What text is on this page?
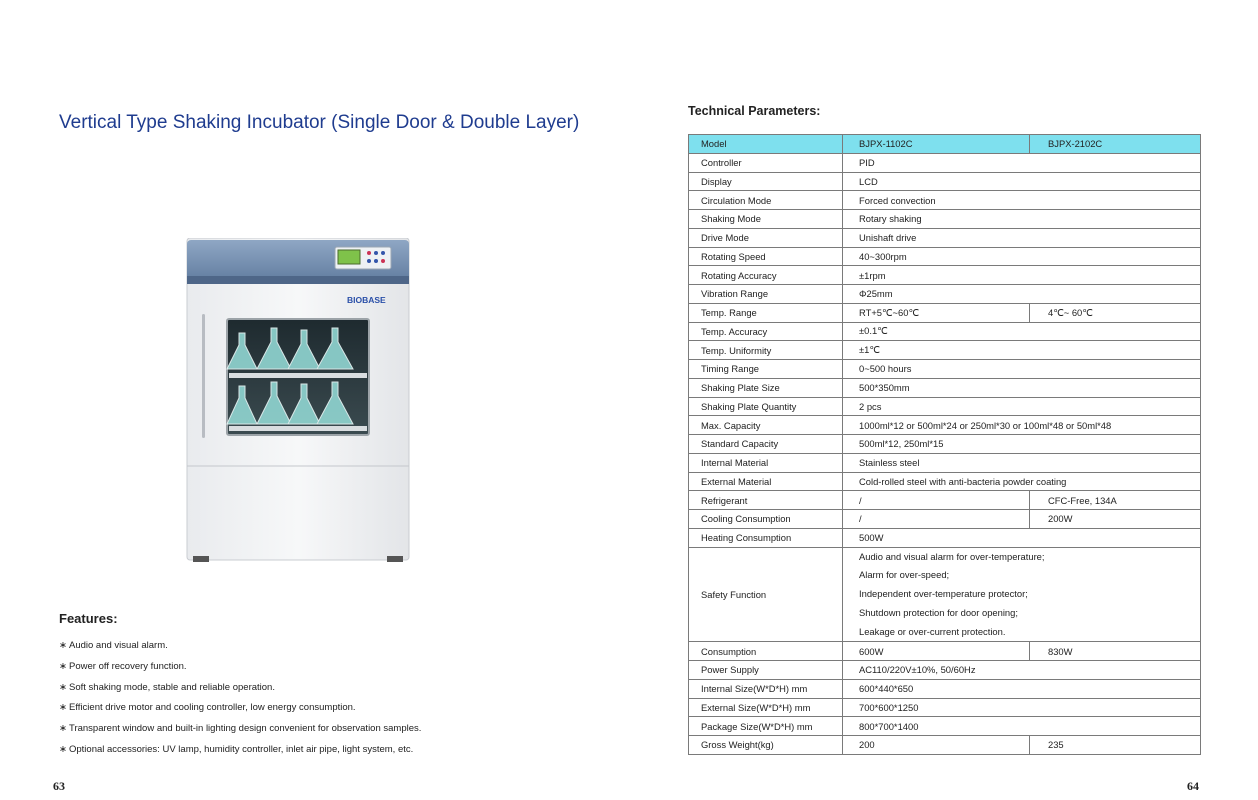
Vertical Type Shaking Incubator (Single Door & Double Layer)
BIOBASE
Features:
∗ Audio and visual alarm.
∗ Power off recovery function.
∗ Soft shaking mode, stable and reliable operation.
∗ Efficient drive motor and cooling controller, low energy consumption.
∗ Transparent window and built-in lighting design convenient for observation samples.
∗ Optional accessories: UV lamp, humidity controller, inlet air pipe, light system, etc.
63
Technical Parameters:
Model	BJPX-1102C	BJPX-2102C
Controller	PID	
Display	LCD	
Circulation Mode	Forced convection	
Shaking Mode	Rotary shaking	
Drive Mode	Unishaft drive	
Rotating Speed	40~300rpm	
Rotating Accuracy	±1rpm	
Vibration Range	Φ25mm	
Temp. Range	RT+5℃~60℃	4℃~ 60℃
Temp. Accuracy	±0.1℃	
Temp. Uniformity	±1℃	
Timing Range	0~500 hours	
Shaking Plate Size	500*350mm	
Shaking Plate Quantity	2 pcs	
Max. Capacity	1000ml*12 or 500ml*24 or 250ml*30 or 100ml*48 or 50ml*48	
Standard Capacity	500ml*12, 250ml*15	
Internal Material	Stainless steel	
External Material	Cold-rolled steel with anti-bacteria powder coating	
Refrigerant	/	CFC-Free, 134A
Cooling Consumption	/	200W
Heating Consumption	500W	
Safety Function	Audio and visual alarm for over-temperature;
Alarm for over-speed;
Independent over-temperature protector;
Shutdown protection for door opening;
Leakage or over-current protection.	

Consumption	600W	830W
Power Supply	AC110/220V±10%, 50/60Hz	
Internal Size(W*D*H) mm	600*440*650	
External Size(W*D*H) mm	700*600*1250	
Package Size(W*D*H) mm	800*700*1400	
Gross Weight(kg)	200	235
64
